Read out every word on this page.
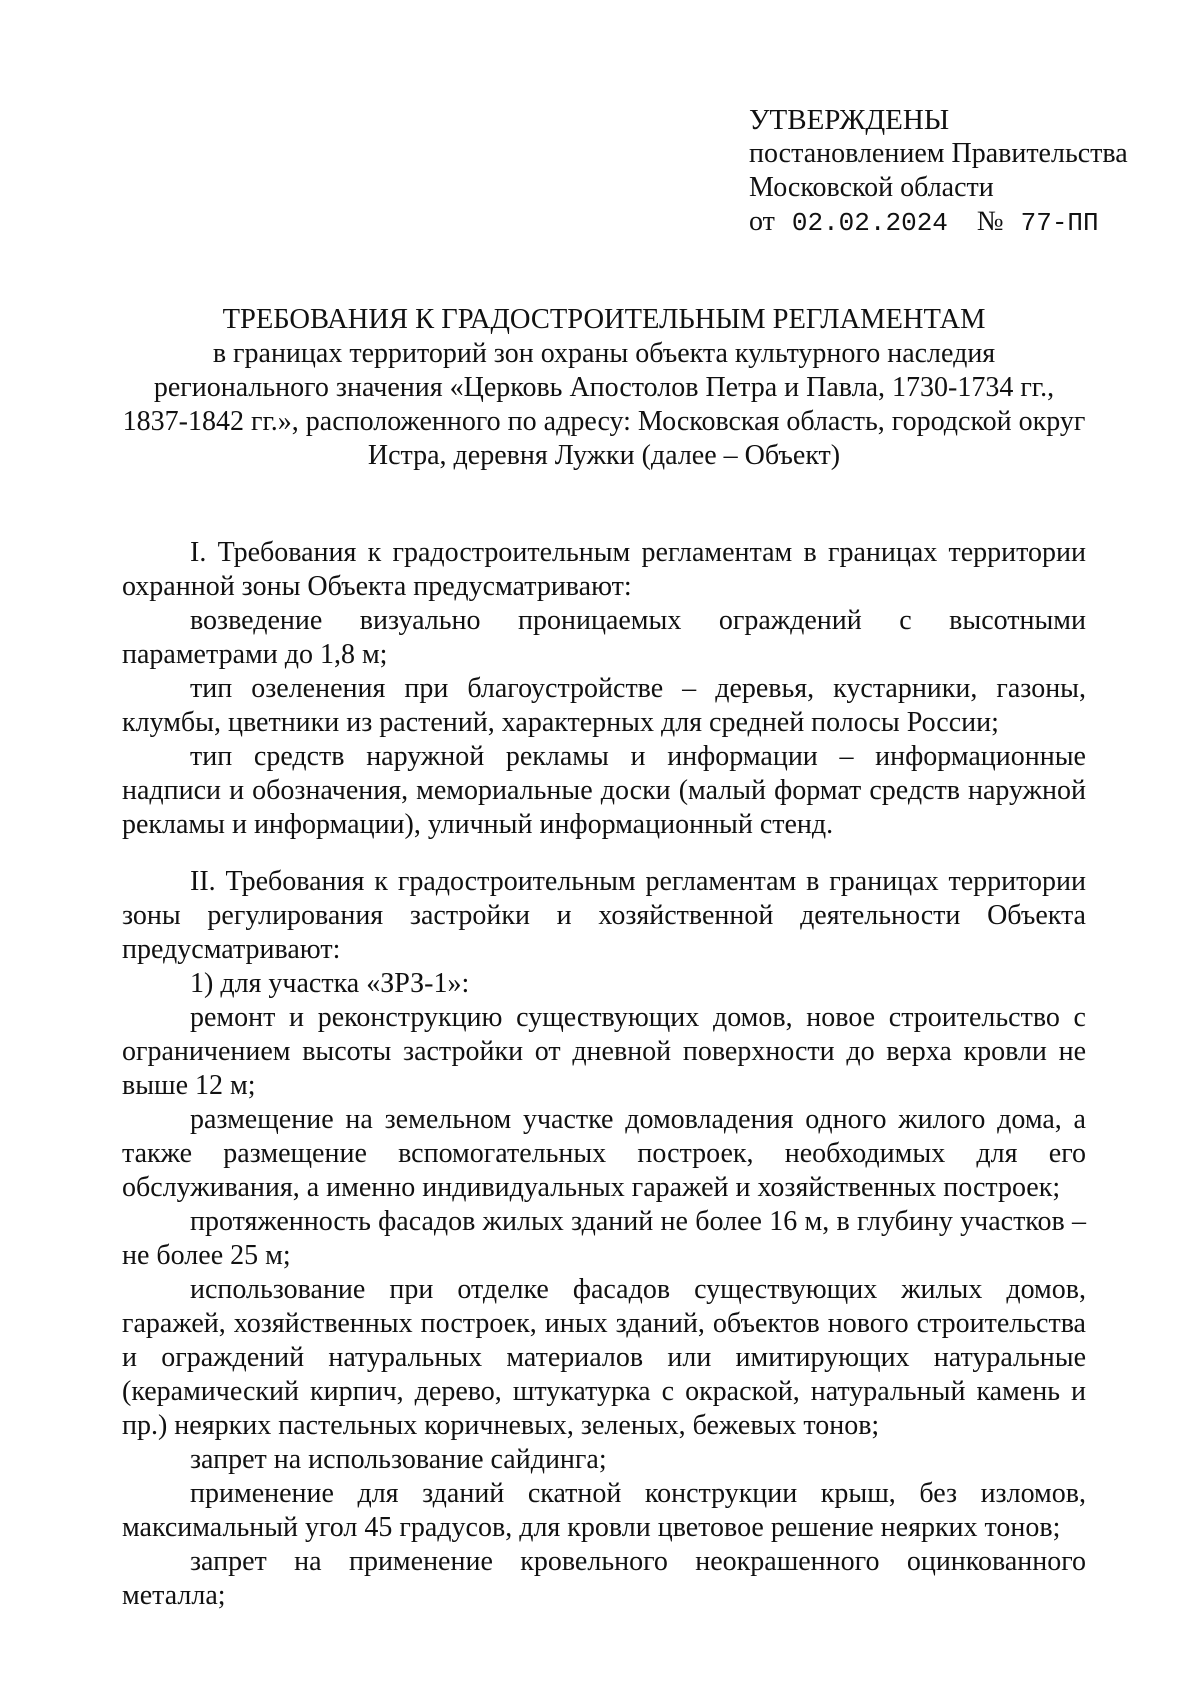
УТВЕРЖДЕНЫ
постановлением Правительства
Московской области
от 02.02.2024 № 77-ПП
ТРЕБОВАНИЯ К ГРАДОСТРОИТЕЛЬНЫМ РЕГЛАМЕНТАМ
в границах территорий зон охраны объекта культурного наследия
регионального значения «Церковь Апостолов Петра и Павла, 1730-1734 гг.,
1837-1842 гг.», расположенного по адресу: Московская область, городской округ
Истра, деревня Лужки (далее – Объект)

I. Требования к градостроительным регламентам в границах территории охранной зоны Объекта предусматривают:

возведение визуально проницаемых ограждений с высотными параметрами до 1,8 м;

тип озеленения при благоустройстве – деревья, кустарники, газоны, клумбы, цветники из растений, характерных для средней полосы России;

тип средств наружной рекламы и информации – информационные надписи и обозначения, мемориальные доски (малый формат средств наружной рекламы и информации), уличный информационный стенд.

II. Требования к градостроительным регламентам в границах территории зоны регулирования застройки и хозяйственной деятельности Объекта предусматривают:

1) для участка «ЗРЗ-1»:

ремонт и реконструкцию существующих домов, новое строительство с ограничением высоты застройки от дневной поверхности до верха кровли не выше 12 м;

размещение на земельном участке домовладения одного жилого дома, а также размещение вспомогательных построек, необходимых для его обслуживания, а именно индивидуальных гаражей и хозяйственных построек;

протяженность фасадов жилых зданий не более 16 м, в глубину участков – не более 25 м;

использование при отделке фасадов существующих жилых домов, гаражей, хозяйственных построек, иных зданий, объектов нового строительства и ограждений натуральных материалов или имитирующих натуральные (керамический кирпич, дерево, штукатурка с окраской, натуральный камень и пр.) неярких пастельных коричневых, зеленых, бежевых тонов;

запрет на использование сайдинга;

применение для зданий скатной конструкции крыш, без изломов, максимальный угол 45 градусов, для кровли цветовое решение неярких тонов;

запрет на применение кровельного неокрашенного оцинкованного металла;
